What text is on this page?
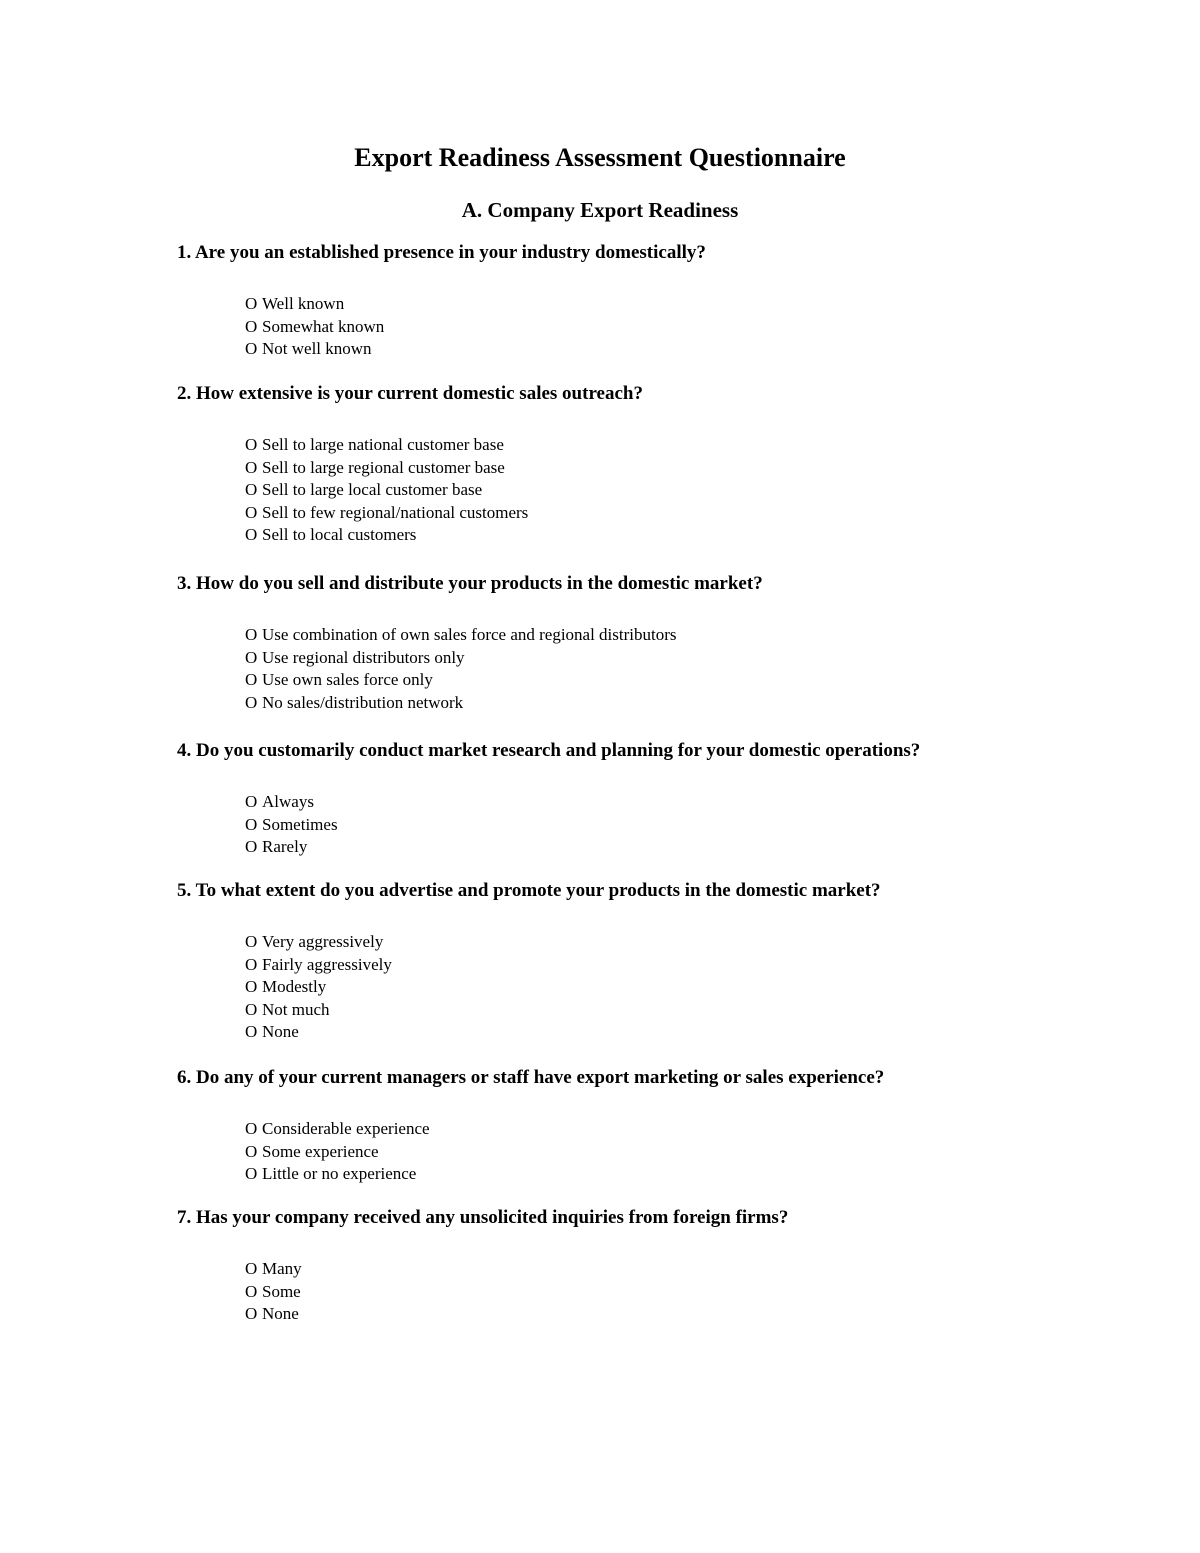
Export Readiness Assessment Questionnaire
A. Company Export Readiness
1. Are you an established presence in your industry domestically?
O Well known
O Somewhat known
O Not well known
2. How extensive is your current domestic sales outreach?
O Sell to large national customer base
O Sell to large regional customer base
O Sell to large local customer base
O Sell to few regional/national customers
O Sell to local customers
3. How do you sell and distribute your products in the domestic market?
O Use combination of own sales force and regional distributors
O Use regional distributors only
O Use own sales force only
O No sales/distribution network
4. Do you customarily conduct market research and planning for your domestic operations?
O Always
O Sometimes
O Rarely
5. To what extent do you advertise and promote your products in the domestic market?
O Very aggressively
O Fairly aggressively
O Modestly
O Not much
O None
6. Do any of your current managers or staff have export marketing or sales experience?
O Considerable experience
O Some experience
O Little or no experience
7. Has your company received any unsolicited inquiries from foreign firms?
O Many
O Some
O None
